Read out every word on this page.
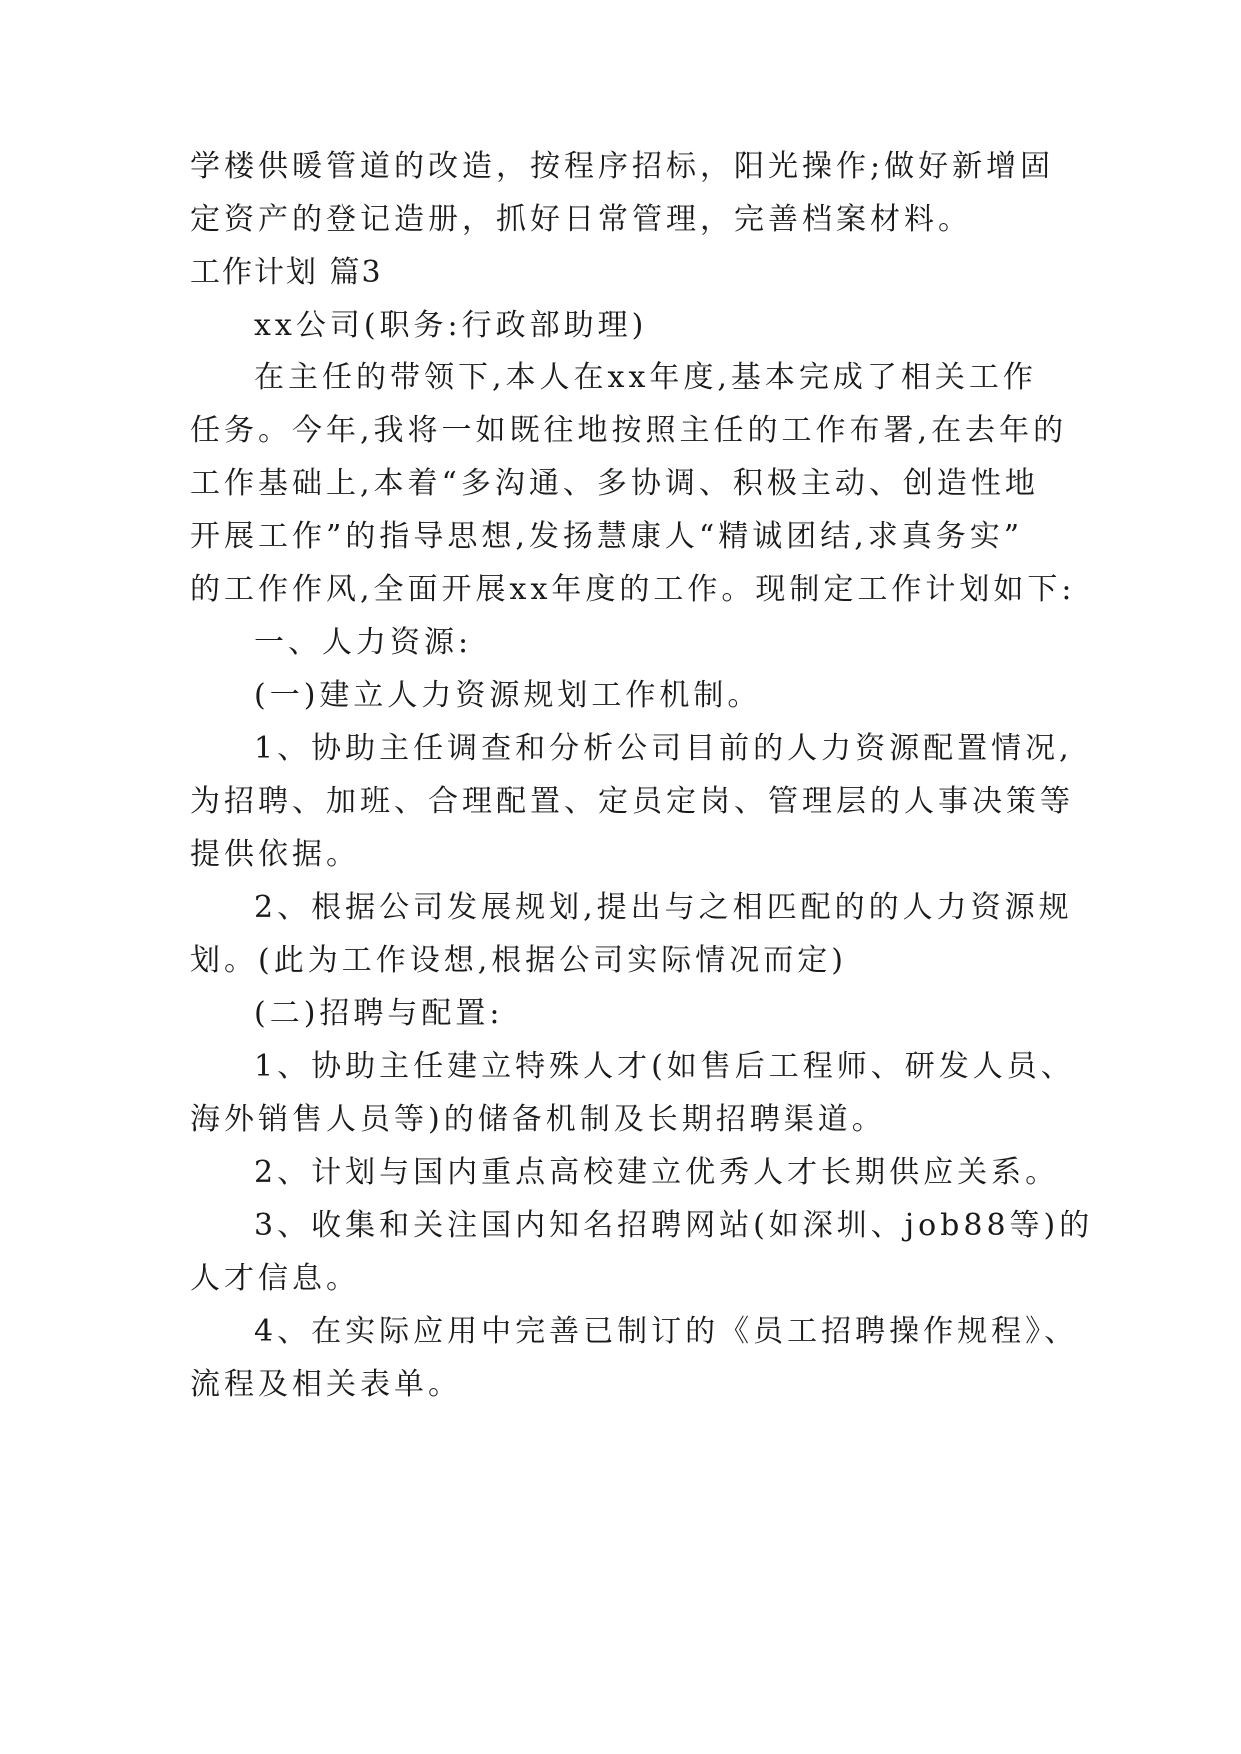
学楼供暖管道的改造，按程序招标，阳光操作;做好新增固
定资产的登记造册，抓好日常管理，完善档案材料。
工作计划 篇3
xx公司(职务:行政部助理)
在主任的带领下,本人在xx年度,基本完成了相关工作
任务。今年,我将一如既往地按照主任的工作布署,在去年的
工作基础上,本着“多沟通、多协调、积极主动、创造性地
开展工作”的指导思想,发扬慧康人“精诚团结,求真务实”
的工作作风,全面开展xx年度的工作。现制定工作计划如下:
一、人力资源:
(一)建立人力资源规划工作机制。
1、协助主任调查和分析公司目前的人力资源配置情况,
为招聘、加班、合理配置、定员定岗、管理层的人事决策等
提供依据。
2、根据公司发展规划,提出与之相匹配的的人力资源规
划。(此为工作设想,根据公司实际情况而定)
(二)招聘与配置:
1、协助主任建立特殊人才(如售后工程师、研发人员、
海外销售人员等)的储备机制及长期招聘渠道。
2、计划与国内重点高校建立优秀人才长期供应关系。
3、收集和关注国内知名招聘网站(如深圳、job88等)的
人才信息。
4、在实际应用中完善已制订的《员工招聘操作规程》、
流程及相关表单。
